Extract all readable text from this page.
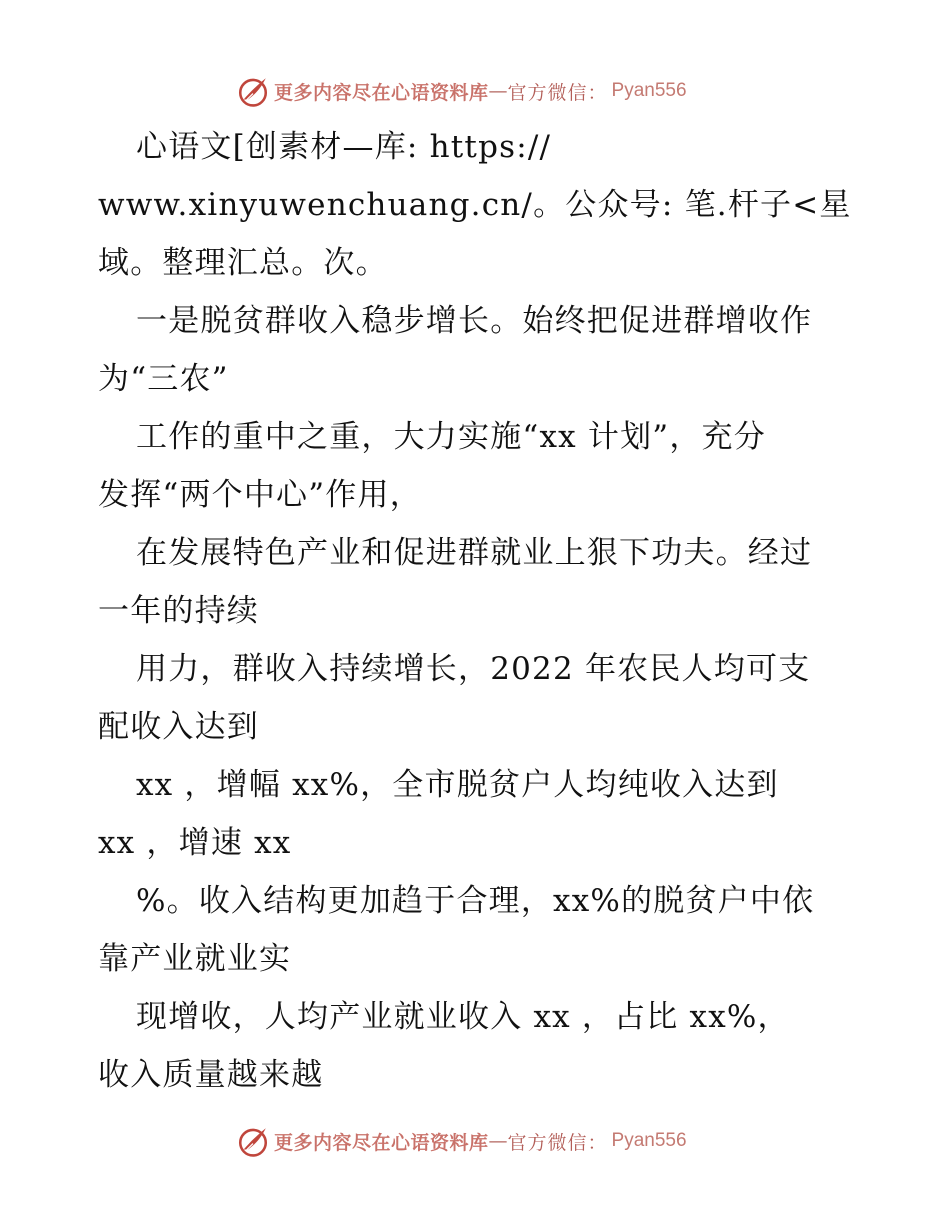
更多内容尽在心语资料库 — 官方微信： Pyan556
心语文[创素材—库: https://
www.xinyuwenchuang.cn/。公众号: 笔.杆子<星
域。整理汇总。次。
一是脱贫群收入稳步增长。始终把促进群增收作
为“三农”
工作的重中之重，大力实施“xx 计划”，充分
发挥“两个中心”作用，
在发展特色产业和促进群就业上狠下功夫。经过
一年的持续
用力，群收入持续增长，2022 年农民人均可支
配收入达到
xx ，增幅 xx%，全市脱贫户人均纯收入达到
xx ，增速 xx
%。收入结构更加趋于合理，xx%的脱贫户中依
靠产业就业实
现增收，人均产业就业收入 xx ，占比 xx%，
收入质量越来越
更多内容尽在心语资料库 — 官方微信： Pyan556
